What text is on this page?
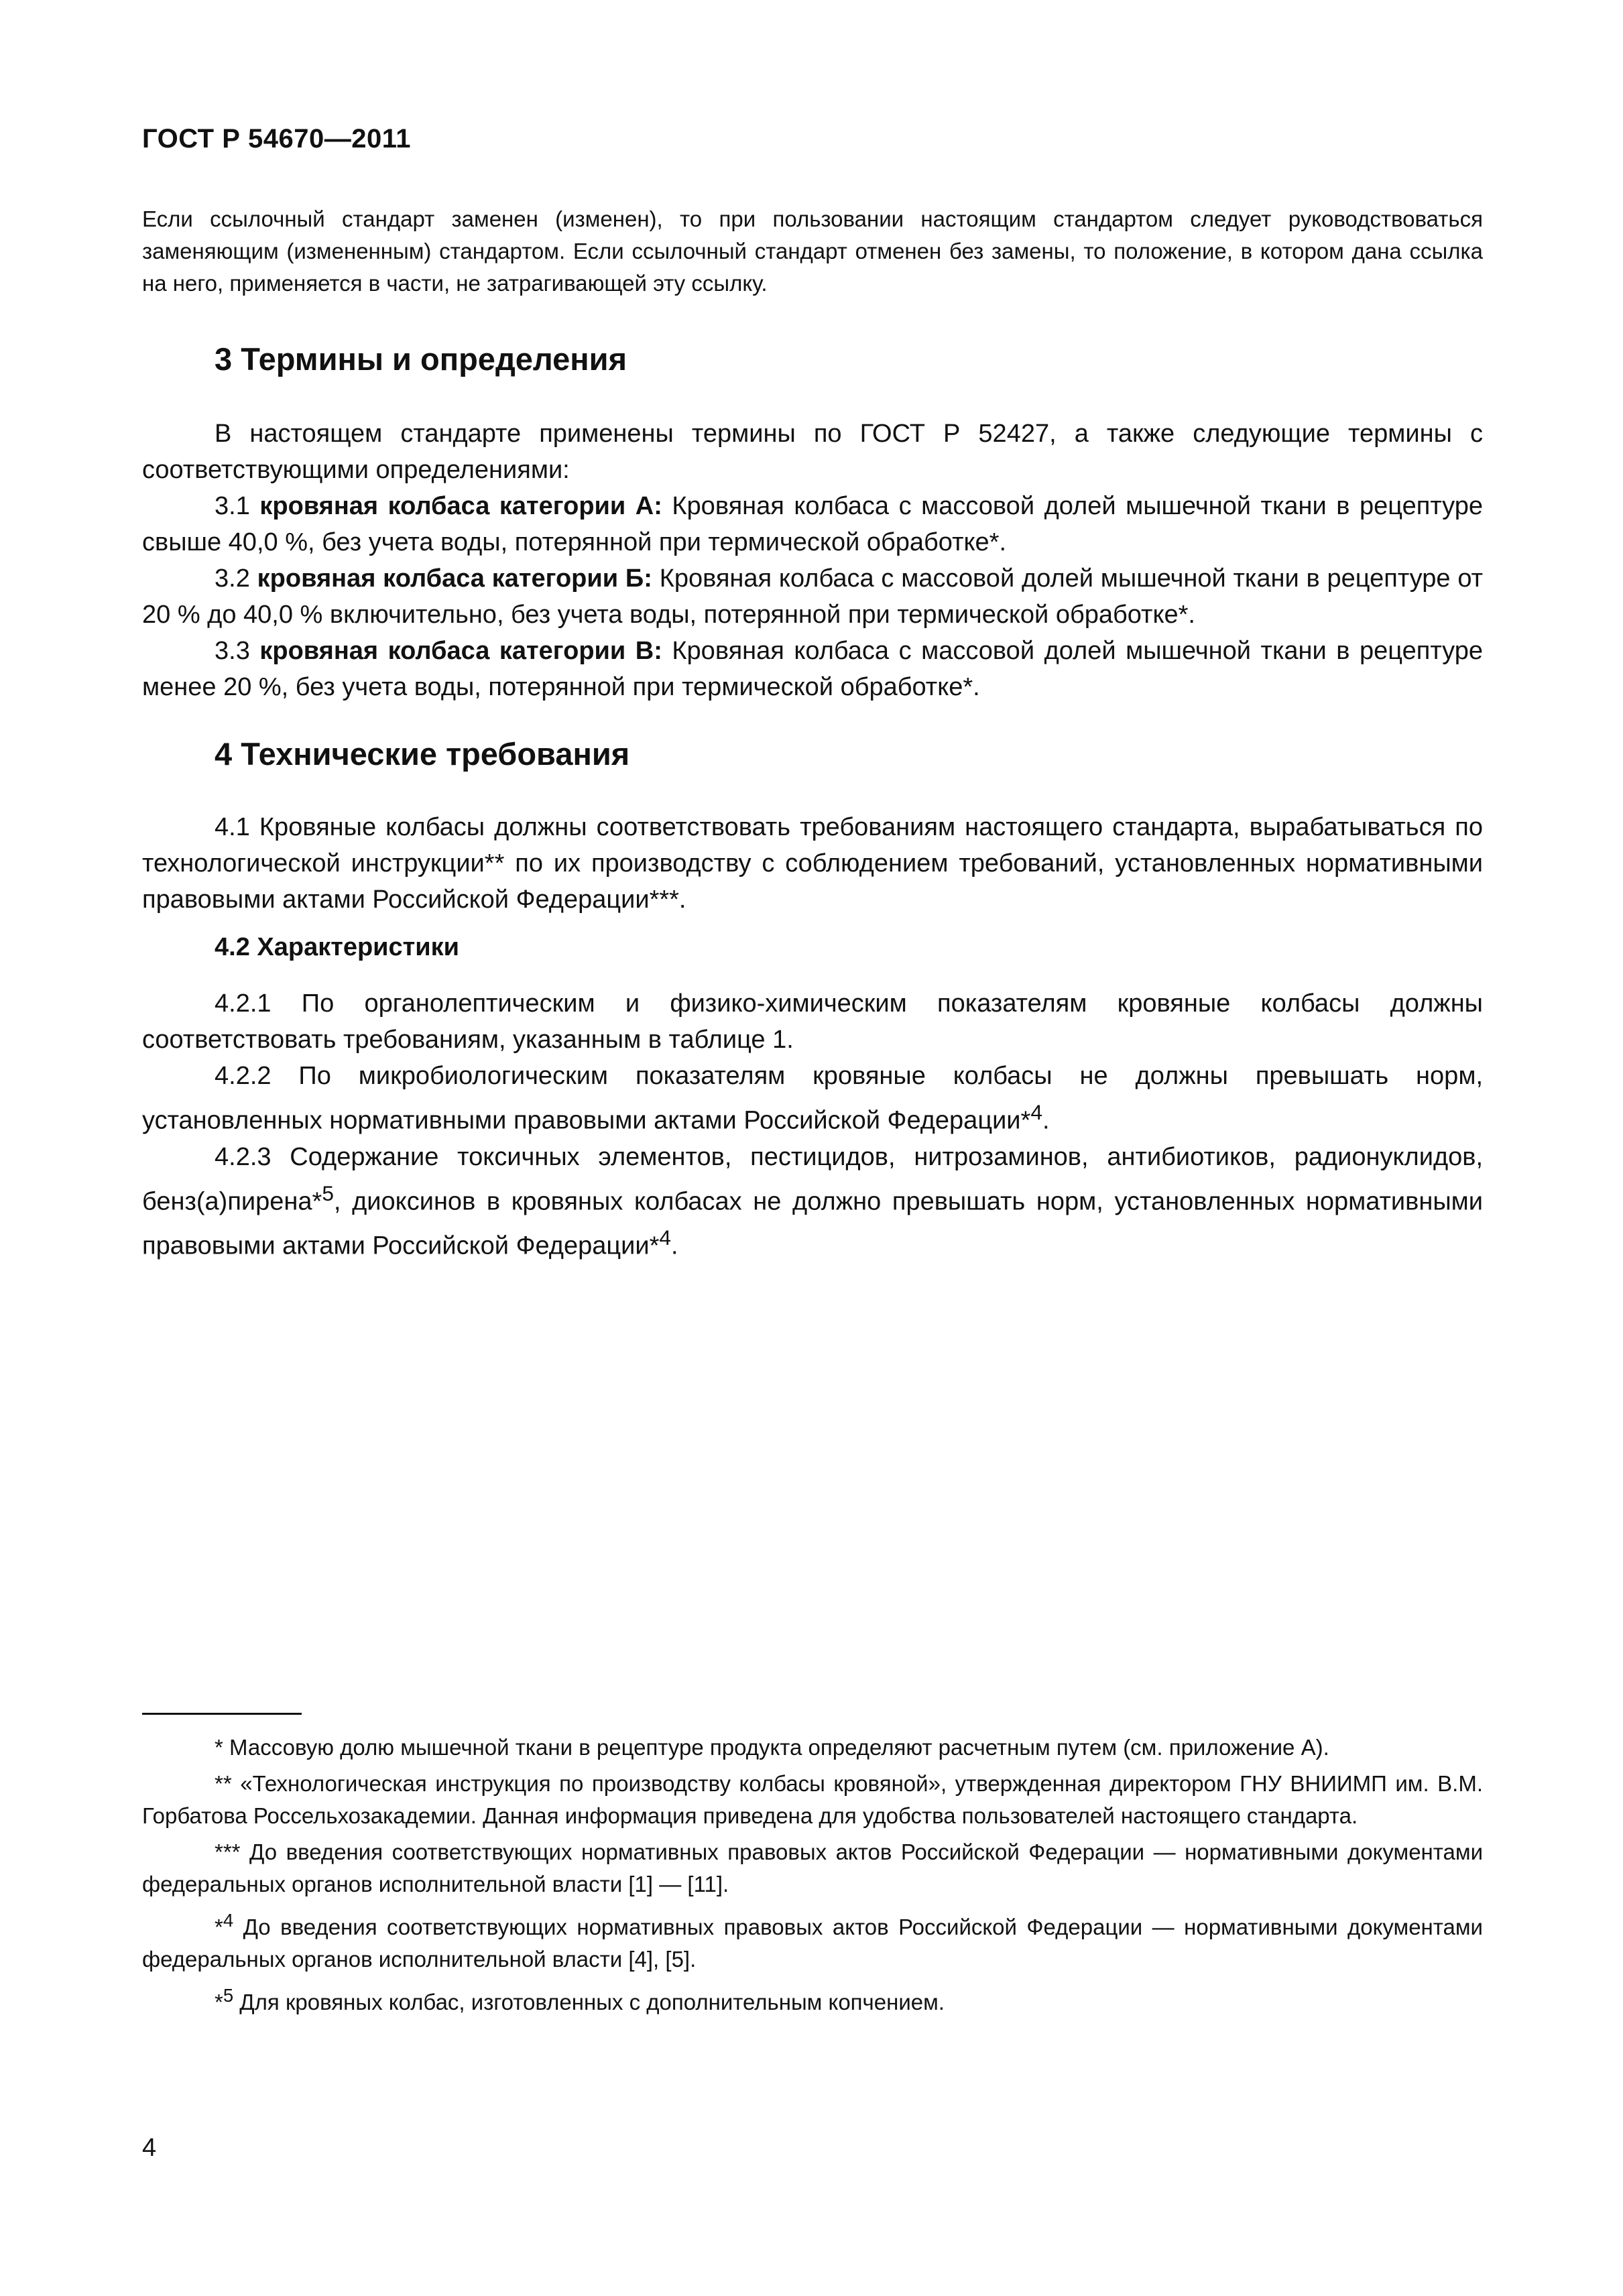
ГОСТ Р 54670—2011

Если ссылочный стандарт заменен (изменен), то при пользовании настоящим стандартом следует руководствоваться заменяющим (измененным) стандартом. Если ссылочный стандарт отменен без замены, то положение, в котором дана ссылка на него, применяется в части, не затрагивающей эту ссылку.

3 Термины и определения

В настоящем стандарте применены термины по ГОСТ Р 52427, а также следующие термины с соответствующими определениями:

3.1 кровяная колбаса категории А: Кровяная колбаса с массовой долей мышечной ткани в рецептуре свыше 40,0 %, без учета воды, потерянной при термической обработке*.

3.2 кровяная колбаса категории Б: Кровяная колбаса с массовой долей мышечной ткани в рецептуре от 20 % до 40,0 % включительно, без учета воды, потерянной при термической обработке*.

3.3 кровяная колбаса категории В: Кровяная колбаса с массовой долей мышечной ткани в рецептуре менее 20 %, без учета воды, потерянной при термической обработке*.

4 Технические требования

4.1 Кровяные колбасы должны соответствовать требованиям настоящего стандарта, вырабатываться по технологической инструкции** по их производству с соблюдением требований, установленных нормативными правовыми актами Российской Федерации***.

4.2 Характеристики

4.2.1 По органолептическим и физико-химическим показателям кровяные колбасы должны соответствовать требованиям, указанным в таблице 1.

4.2.2 По микробиологическим показателям кровяные колбасы не должны превышать норм, установленных нормативными правовыми актами Российской Федерации*$^4$.

4.2.3 Содержание токсичных элементов, пестицидов, нитрозаминов, антибиотиков, радионуклидов, бенз(а)пирена*$^5$, диоксинов в кровяных колбасах не должно превышать норм, установленных нормативными правовыми актами Российской Федерации*$^4$.

* Массовую долю мышечной ткани в рецептуре продукта определяют расчетным путем (см. приложение А).

** «Технологическая инструкция по производству колбасы кровяной», утвержденная директором ГНУ ВНИИМП им. В.М. Горбатова Россельхозакадемии. Данная информация приведена для удобства пользователей настоящего стандарта.

*** До введения соответствующих нормативных правовых актов Российской Федерации — нормативными документами федеральных органов исполнительной власти [1] — [11].

*$^4$ До введения соответствующих нормативных правовых актов Российской Федерации — нормативными документами федеральных органов исполнительной власти [4], [5].

*$^5$ Для кровяных колбас, изготовленных с дополнительным копчением.

4
